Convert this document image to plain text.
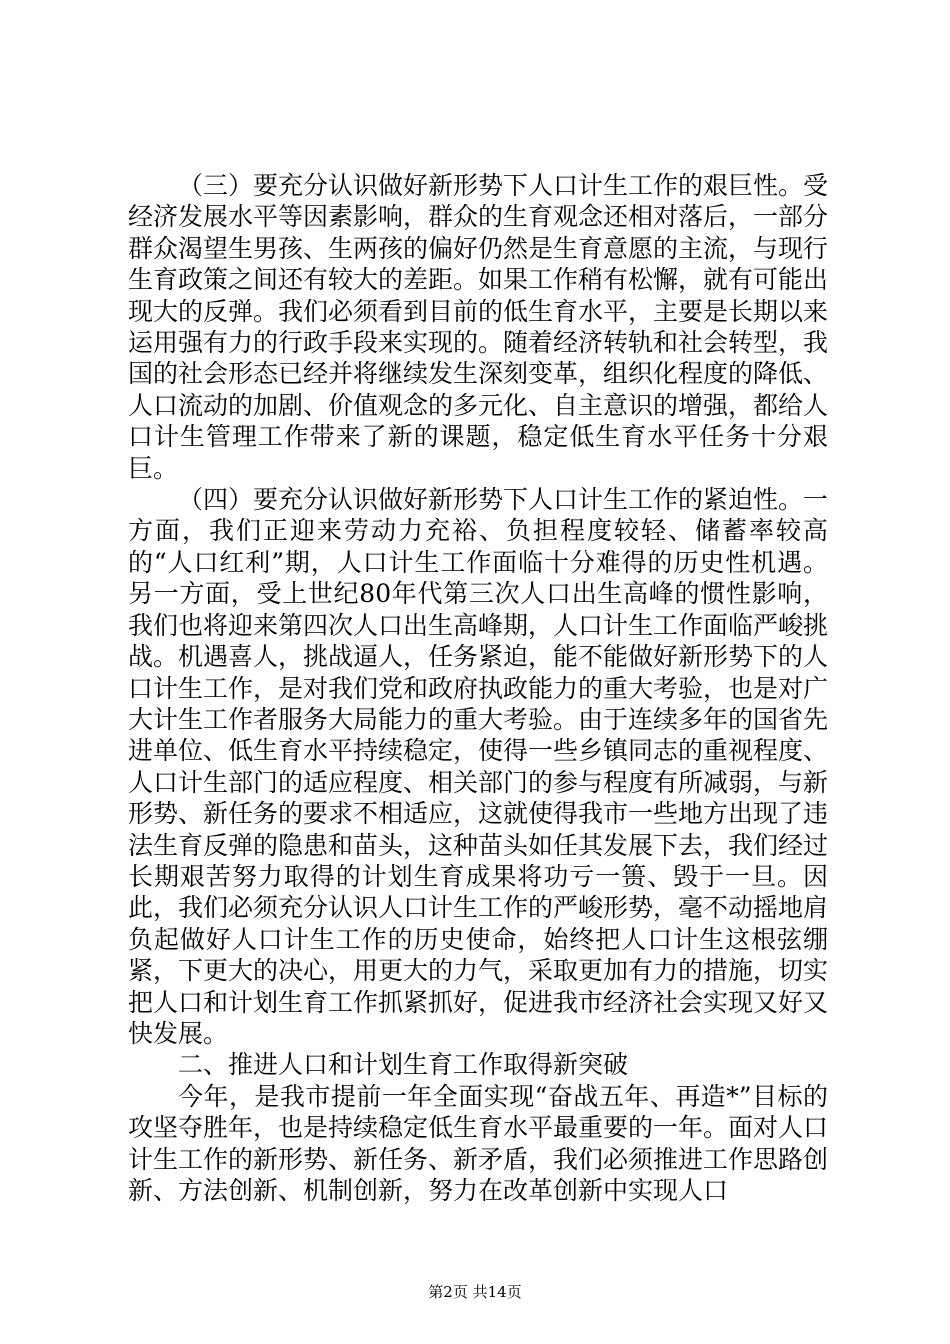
（三）要充分认识做好新形势下人口计生工作的艰巨性。受经济发展水平等因素影响，群众的生育观念还相对落后，一部分群众渴望生男孩、生两孩的偏好仍然是生育意愿的主流，与现行生育政策之间还有较大的差距。如果工作稍有松懈，就有可能出现大的反弹。我们必须看到目前的低生育水平，主要是长期以来运用强有力的行政手段来实现的。随着经济转轨和社会转型，我国的社会形态已经并将继续发生深刻变革，组织化程度的降低、人口流动的加剧、价值观念的多元化、自主意识的增强，都给人口计生管理工作带来了新的课题，稳定低生育水平任务十分艰巨。

（四）要充分认识做好新形势下人口计生工作的紧迫性。一方面，我们正迎来劳动力充裕、负担程度较轻、储蓄率较高的“人口红利”期，人口计生工作面临十分难得的历史性机遇。另一方面，受上世纪80年代第三次人口出生高峰的惯性影响，我们也将迎来第四次人口出生高峰期，人口计生工作面临严峻挑战。机遇喜人，挑战逼人，任务紧迫，能不能做好新形势下的人口计生工作，是对我们党和政府执政能力的重大考验，也是对广大计生工作者服务大局能力的重大考验。由于连续多年的国省先进单位、低生育水平持续稳定，使得一些乡镇同志的重视程度、人口计生部门的适应程度、相关部门的参与程度有所减弱，与新形势、新任务的要求不相适应，这就使得我市一些地方出现了违法生育反弹的隐患和苗头，这种苗头如任其发展下去，我们经过长期艰苦努力取得的计划生育成果将功亏一篑、毁于一旦。因此，我们必须充分认识人口计生工作的严峻形势，毫不动摇地肩负起做好人口计生工作的历史使命，始终把人口计生这根弦绷紧，下更大的决心，用更大的力气，采取更加有力的措施，切实把人口和计划生育工作抓紧抓好，促进我市经济社会实现又好又快发展。

二、推进人口和计划生育工作取得新突破

今年，是我市提前一年全面实现“奋战五年、再造*”目标的攻坚夺胜年，也是持续稳定低生育水平最重要的一年。面对人口计生工作的新形势、新任务、新矛盾，我们必须推进工作思路创新、方法创新、机制创新，努力在改革创新中实现人口

第2页 共14页
